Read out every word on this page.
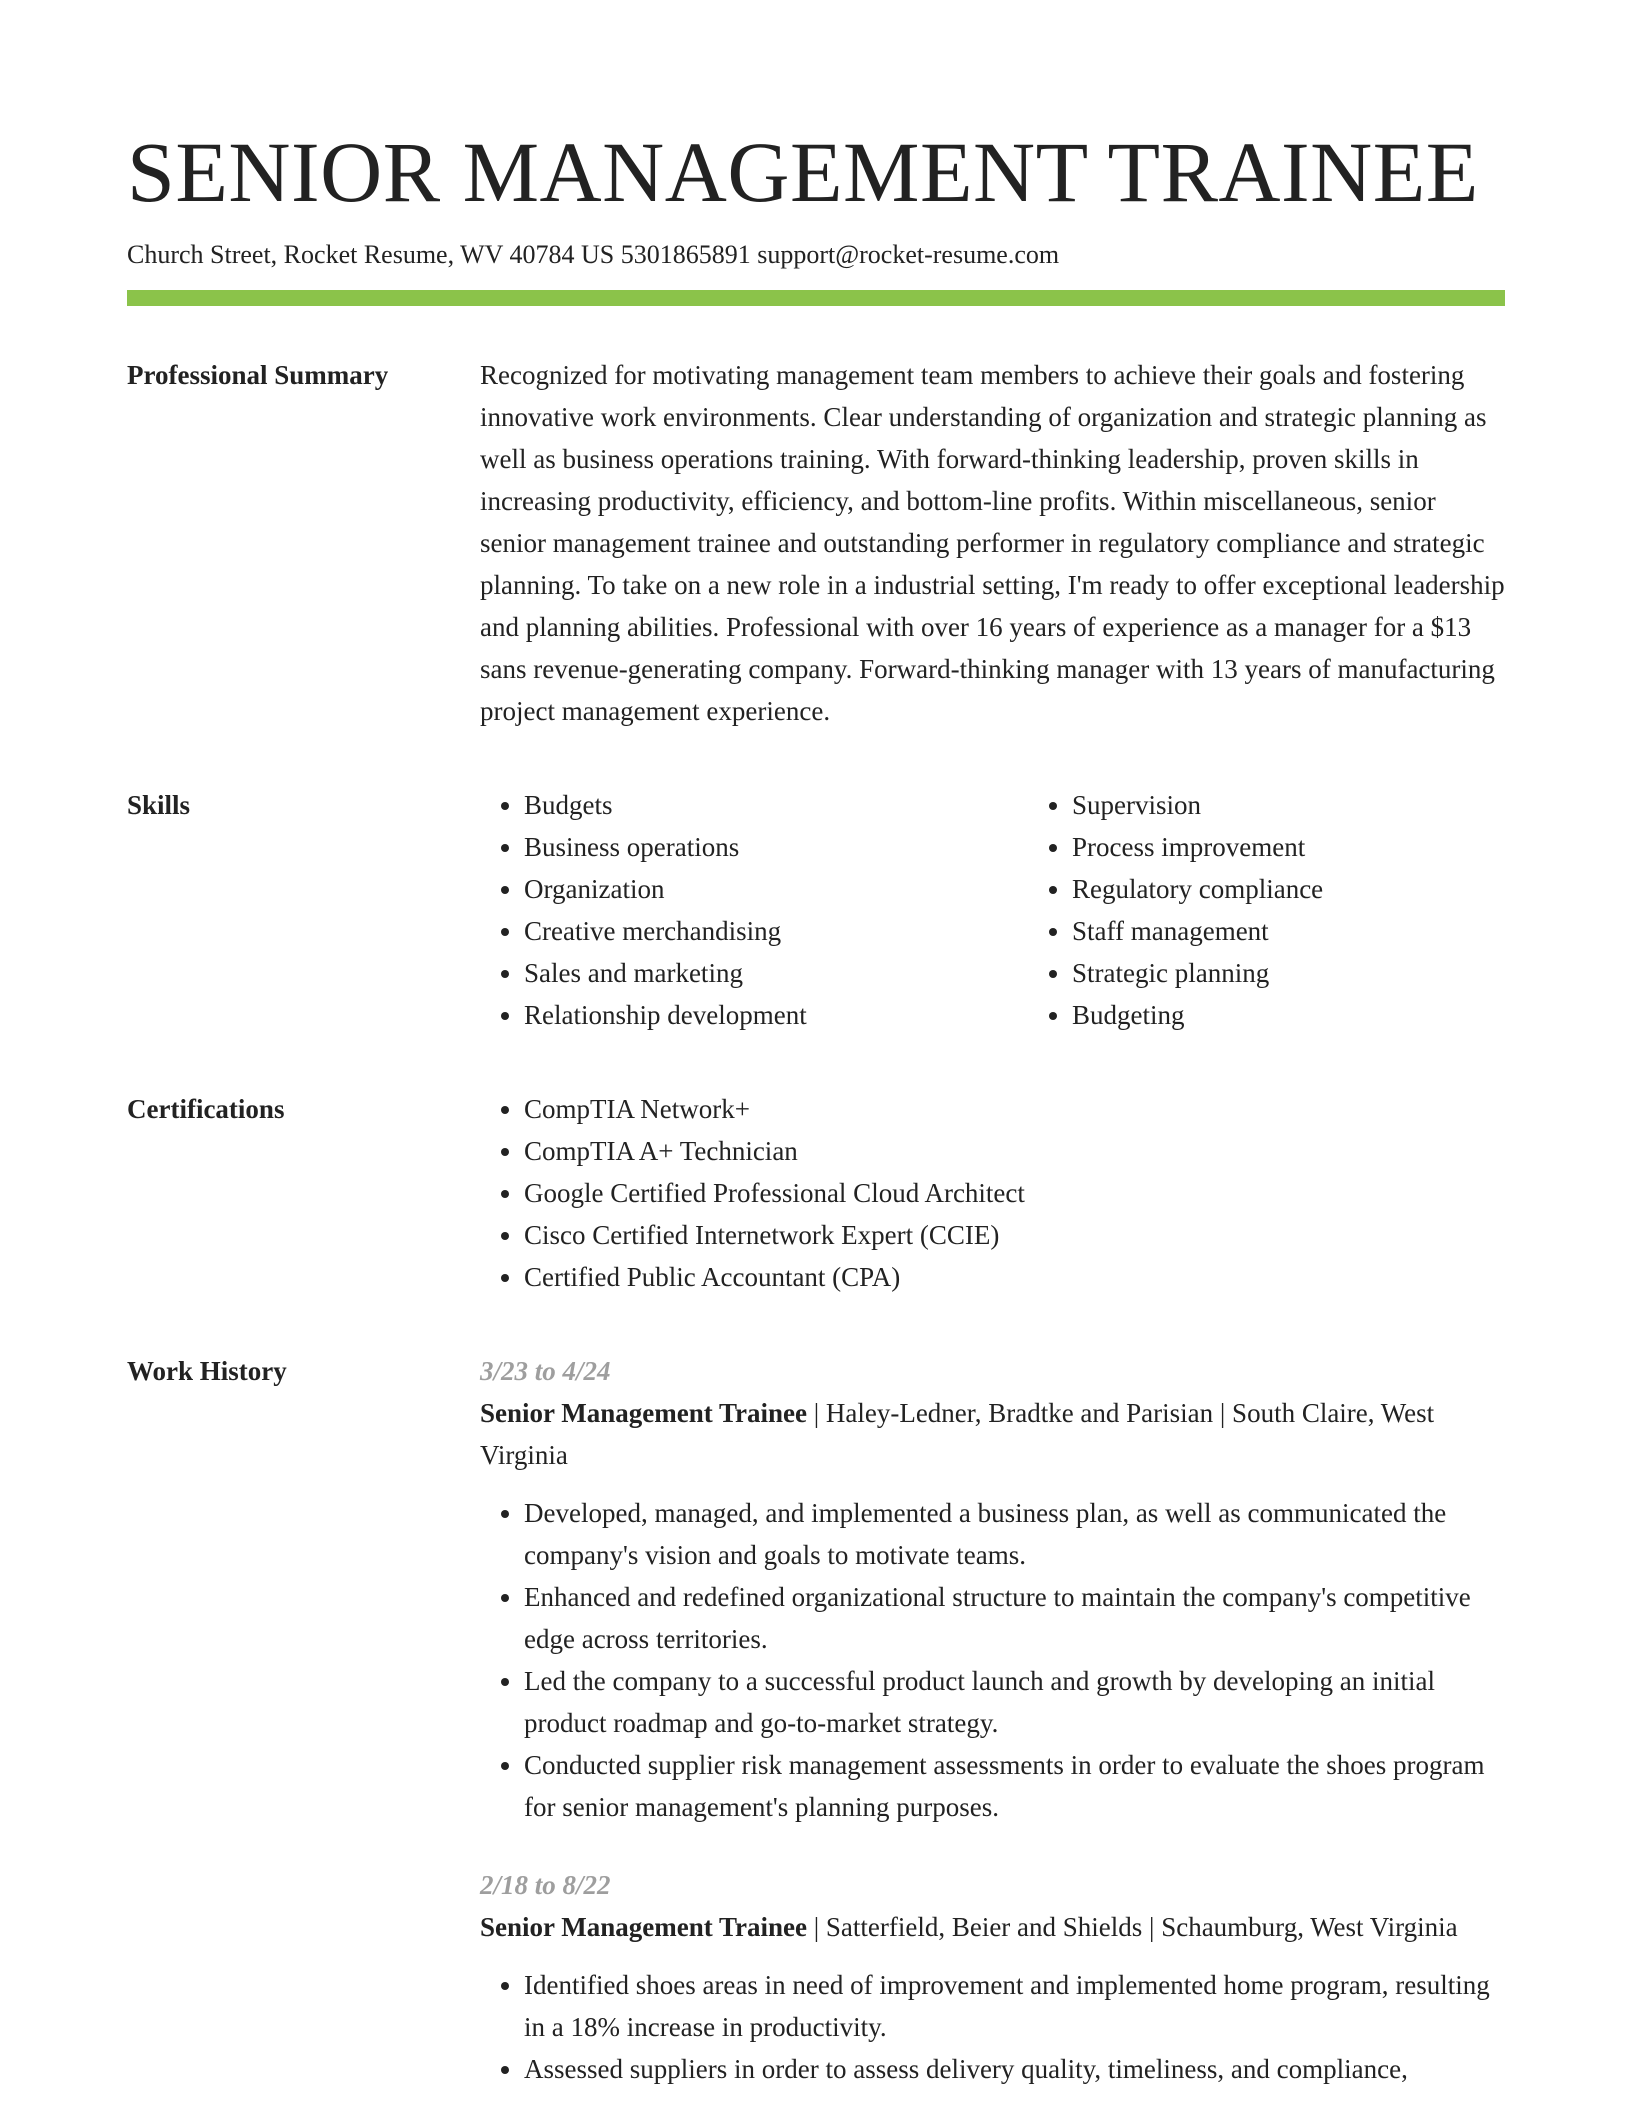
SENIOR MANAGEMENT TRAINEE
Church Street, Rocket Resume, WV 40784 US 5301865891 support@rocket-resume.com
Professional Summary	Recognized for motivating management team members to achieve their goals and fostering innovative work environments. Clear understanding of organization and strategic planning as well as business operations training. With forward-thinking leadership, proven skills in increasing productivity, efficiency, and bottom-line profits. Within miscellaneous, senior senior management trainee and outstanding performer in regulatory compliance and strategic planning. To take on a new role in a industrial setting, I'm ready to offer exceptional leadership and planning abilities. Professional with over 16 years of experience as a manager for a $13 sans revenue-generating company. Forward-thinking manager with 13 years of manufacturing project management experience.

Skills	• Budgets
• Business operations
• Organization
• Creative merchandising
• Sales and marketing
• Relationship development
• Supervision
• Process improvement
• Regulatory compliance
• Staff management
• Strategic planning
• Budgeting
Certifications	• CompTIA Network+
• CompTIA A+ Technician
• Google Certified Professional Cloud Architect
• Cisco Certified Internetwork Expert (CCIE)
• Certified Public Accountant (CPA)
Work History	3/23 to 4/24
Senior Management Trainee | Haley-Ledner, Bradtke and Parisian | South Claire, West Virginia
• Developed, managed, and implemented a business plan, as well as communicated the company's vision and goals to motivate teams.
• Enhanced and redefined organizational structure to maintain the company's competitive edge across territories.
• Led the company to a successful product launch and growth by developing an initial product roadmap and go-to-market strategy.
• Conducted supplier risk management assessments in order to evaluate the shoes program for senior management's planning purposes.
2/18 to 8/22
Senior Management Trainee | Satterfield, Beier and Shields | Schaumburg, West Virginia
• Identified shoes areas in need of improvement and implemented home program, resulting in a 18% increase in productivity.
• Assessed suppliers in order to assess delivery quality, timeliness, and compliance,
